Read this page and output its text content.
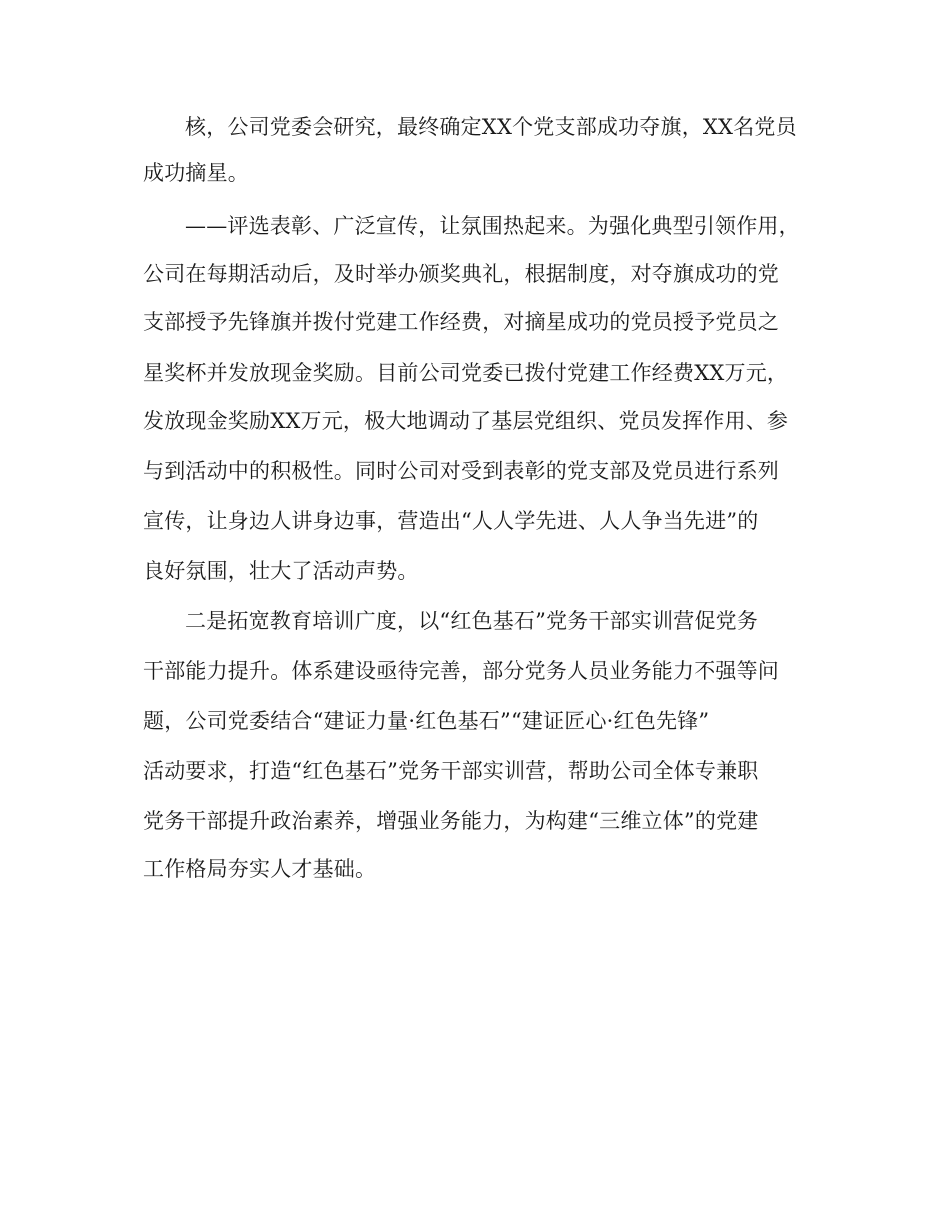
核，公司党委会研究，最终确定XX个党支部成功夺旗，XX名党员
成功摘星。
——评选表彰、广泛宣传，让氛围热起来。为强化典型引领作用，
公司在每期活动后，及时举办颁奖典礼，根据制度，对夺旗成功的党
支部授予先锋旗并拨付党建工作经费，对摘星成功的党员授予党员之
星奖杯并发放现金奖励。目前公司党委已拨付党建工作经费XX万元，
发放现金奖励XX万元，极大地调动了基层党组织、党员发挥作用、参
与到活动中的积极性。同时公司对受到表彰的党支部及党员进行系列
宣传，让身边人讲身边事，营造出“人人学先进、人人争当先进”的
良好氛围，壮大了活动声势。
二是拓宽教育培训广度，以“红色基石”党务干部实训营促党务
干部能力提升。体系建设亟待完善，部分党务人员业务能力不强等问
题，公司党委结合“建证力量·红色基石”“建证匠心·红色先锋”
活动要求，打造“红色基石”党务干部实训营，帮助公司全体专兼职
党务干部提升政治素养，增强业务能力，为构建“三维立体”的党建
工作格局夯实人才基础。
